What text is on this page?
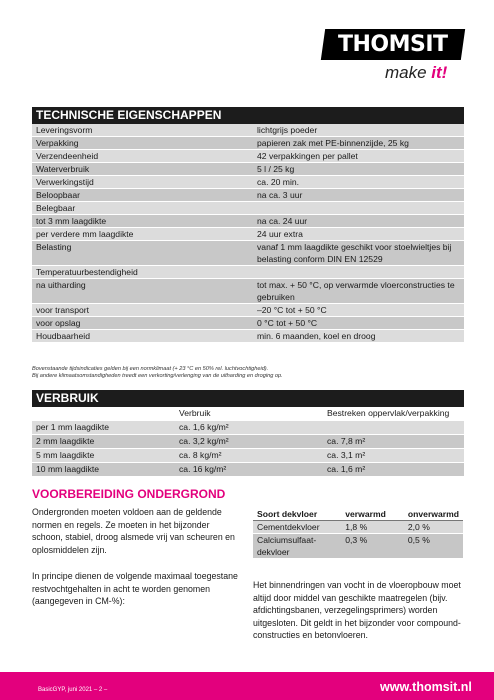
THOMSIT
make it!
TECHNISCHE EIGENSCHAPPEN
Leveringsvorm	lichtgrijs poeder
Verpakking	papieren zak met PE-binnenzijde, 25 kg
Verzendeenheid	42 verpakkingen per pallet
Waterverbruik	5 l / 25 kg
Verwerkingstijd	ca. 20 min.
Beloopbaar	na ca. 3 uur
Belegbaar	
tot 3 mm laagdikte	na ca. 24 uur
per verdere mm laagdikte	24 uur extra
Belasting	vanaf 1 mm laagdikte geschikt voor stoelwieltjes bij belasting conform DIN EN 12529
Temperatuurbestendigheid	
na uitharding	tot max. + 50 °C, op verwarmde vloerconstructies te gebruiken
voor transport	–20 °C tot + 50 °C
voor opslag	0 °C tot + 50 °C
Houdbaarheid	min. 6 maanden, koel en droog
Bovenstaande tijdsindicaties gelden bij een normklimaat (+ 23 °C en 50% rel. luchtvochtigheid).
Bij andere klimaatsomstandigheden treedt een verkorting/verlenging van de uitharding en droging op.
VERBRUIK
	Verbruik	Bestreken oppervlak/verpakking
per 1 mm laagdikte	ca. 1,6 kg/m²	
2 mm laagdikte	ca. 3,2 kg/m²	ca. 7,8 m²
5 mm laagdikte	ca. 8 kg/m²	ca. 3,1 m²
10 mm laagdikte	ca. 16 kg/m²	ca. 1,6 m²
VOORBEREIDING ONDERGROND
Ondergronden moeten voldoen aan de geldende normen en regels. Ze moeten in het bijzonder schoon, stabiel, droog alsmede vrij van scheuren en oplosmiddelen zijn.
In principe dienen de volgende maximaal toegestane restvochtgehalten in acht te worden genomen (aangegeven in CM-%):
Soort dekvloer	verwarmd	onverwarmd
Cementdekvloer	1,8 %	2,0 %
Calciumsulfaat-dekvloer	0,3 %	0,5 %
Het binnendringen van vocht in de vloeropbouw moet altijd door middel van geschikte maatregelen (bijv. afdichtingsbanen, verzegelingsprimers) worden uitgesloten. Dit geldt in het bijzonder voor compound-constructies en betonvloeren.
BasicGYP, juni 2021 – 2 –	www.thomsit.nl
